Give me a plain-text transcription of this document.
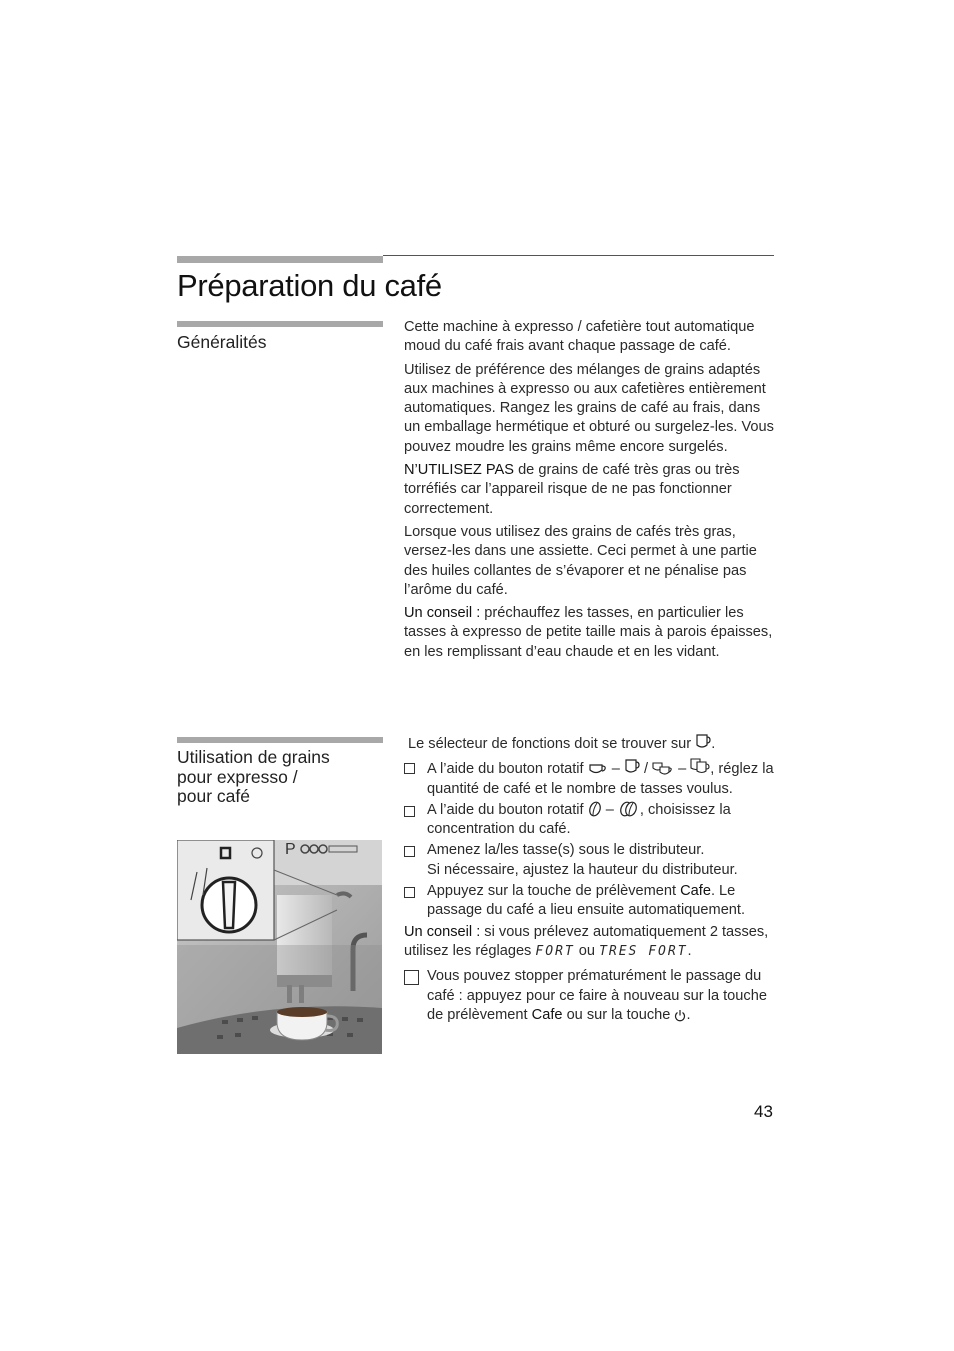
Préparation du café
Généralités

Cette machine à expresso / cafetière tout automatique moud du café frais avant chaque passage de café.

Utilisez de préférence des mélanges de grains adaptés aux machines à expresso ou aux cafetières entièrement automatiques. Rangez les grains de café au frais, dans un emballage hermétique et obturé ou surgelez-les. Vous pouvez moudre les grains même encore surgelés.

N’UTILISEZ PAS de grains de café très gras ou très torréfiés car l’appareil risque de ne pas fonctionner correctement.

Lorsque vous utilisez des grains de cafés très gras, versez-les dans une assiette. Ceci permet à une partie des huiles collantes de s’évaporer et ne pénalise pas l’arôme du café.

Un conseil : préchauffez les tasses, en particulier les tasses à expresso de petite taille mais à parois épaisses, en les remplissant d’eau chaude et en les vidant.

Utilisation de grains
pour expresso /
pour café
P

Le sélecteur de fonctions doit se trouver sur .

A l’aide du bouton rotatif  –  /  – , réglez la quantité de café et le nombre de tasses voulus.
A l’aide du bouton rotatif  – , choisissez la concentration du café.
Amenez la/les tasse(s) sous le distributeur.
Si nécessaire, ajustez la hauteur du distributeur.
Appuyez sur la touche de prélèvement Cafe. Le passage du café a lieu ensuite automatiquement.

Un conseil : si vous prélevez automatiquement 2 tasses, utilisez les réglages FORT ou TRES FORT.

Vous pouvez stopper prématurément le passage du café : appuyez pour ce faire à nouveau sur la touche de prélèvement Cafe ou sur la touche .
43
